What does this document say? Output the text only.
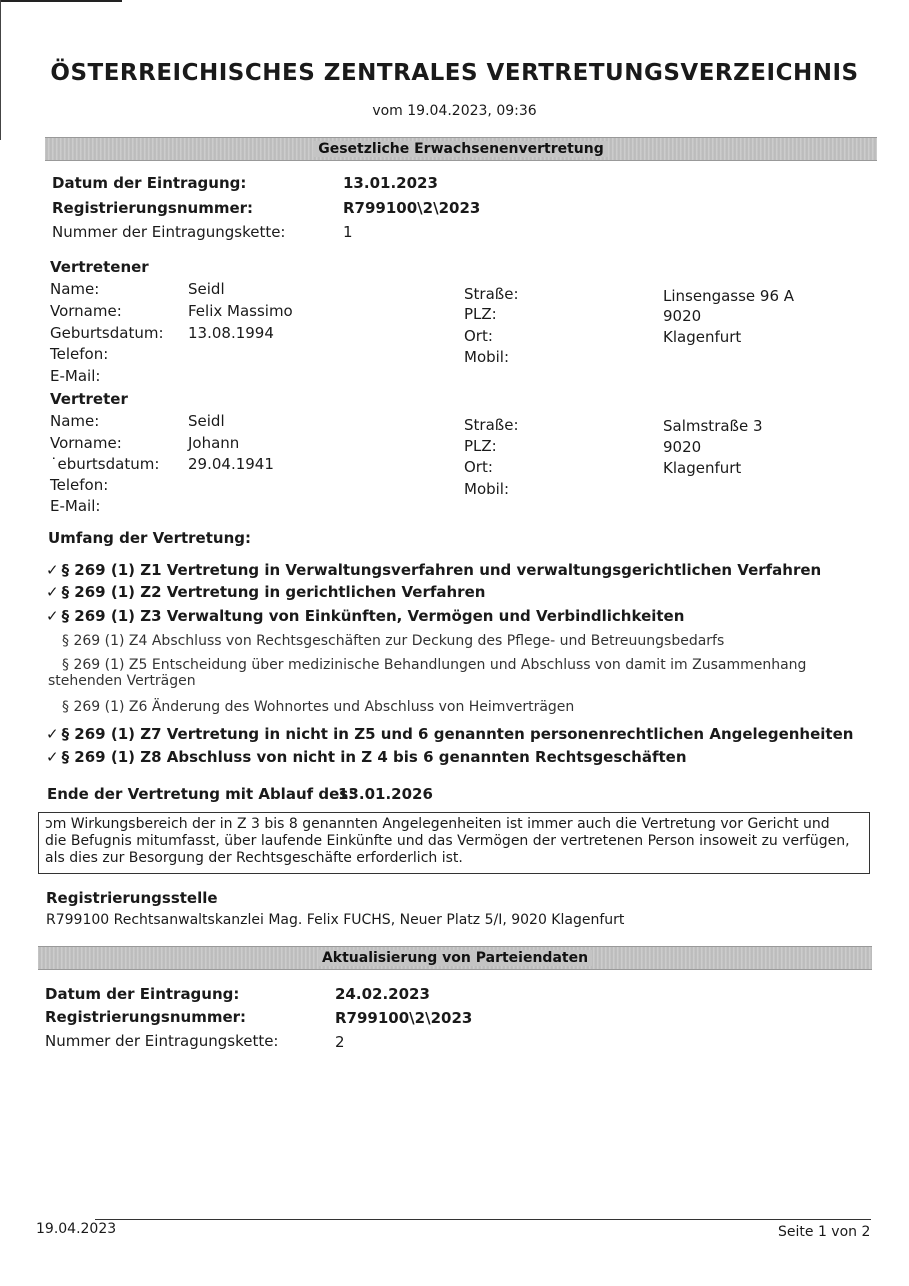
ÖSTERREICHISCHES ZENTRALES VERTRETUNGSVERZEICHNIS
vom 19.04.2023, 09:36
Gesetzliche Erwachsenenvertretung
Datum der Eintragung:	13.01.2023
Registrierungsnummer:	R799100\2\2023
Nummer der Eintragungskette:	1
Vertretener
Name:	Seidl
Vorname:	Felix Massimo
Geburtsdatum: 13.08.1994
Telefon:
E-Mail:
Straße:	Linsengasse 96 A
PLZ:	9020
Ort:	Klagenfurt
Mobil:
Vertreter
Name:	Seidl
Vorname:	Johann
˙eburtsdatum: 29.04.1941
Telefon:
E-Mail:
Straße:	Salmstraße 3
PLZ:	9020
Ort:	Klagenfurt
Mobil:
Umfang der Vertretung:
✓ § 269 (1) Z1 Vertretung in Verwaltungsverfahren und verwaltungsgerichtlichen Verfahren
✓ § 269 (1) Z2 Vertretung in gerichtlichen Verfahren
✓ § 269 (1) Z3 Verwaltung von Einkünften, Vermögen und Verbindlichkeiten
§ 269 (1) Z4 Abschluss von Rechtsgeschäften zur Deckung des Pflege- und Betreuungsbedarfs
§ 269 (1) Z5 Entscheidung über medizinische Behandlungen und Abschluss von damit im Zusammenhang
stehenden Verträgen
§ 269 (1) Z6 Änderung des Wohnortes und Abschluss von Heimverträgen
✓ § 269 (1) Z7 Vertretung in nicht in Z5 und 6 genannten personenrechtlichen Angelegenheiten
✓ § 269 (1) Z8 Abschluss von nicht in Z 4 bis 6 genannten Rechtsgeschäften
Ende der Vertretung mit Ablauf des:
13.01.2026
ɔm Wirkungsbereich der in Z 3 bis 8 genannten Angelegenheiten ist immer auch die Vertretung vor Gericht und
die Befugnis mitumfasst, über laufende Einkünfte und das Vermögen der vertretenen Person insoweit zu verfügen,
als dies zur Besorgung der Rechtsgeschäfte erforderlich ist.
Registrierungsstelle
R799100 Rechtsanwaltskanzlei Mag. Felix FUCHS, Neuer Platz 5/I, 9020 Klagenfurt
Aktualisierung von Parteiendaten
Datum der Eintragung:	24.02.2023
Registrierungsnummer:	R799100\2\2023
Nummer der Eintragungskette:	2
19.04.2023	Seite 1 von 2
